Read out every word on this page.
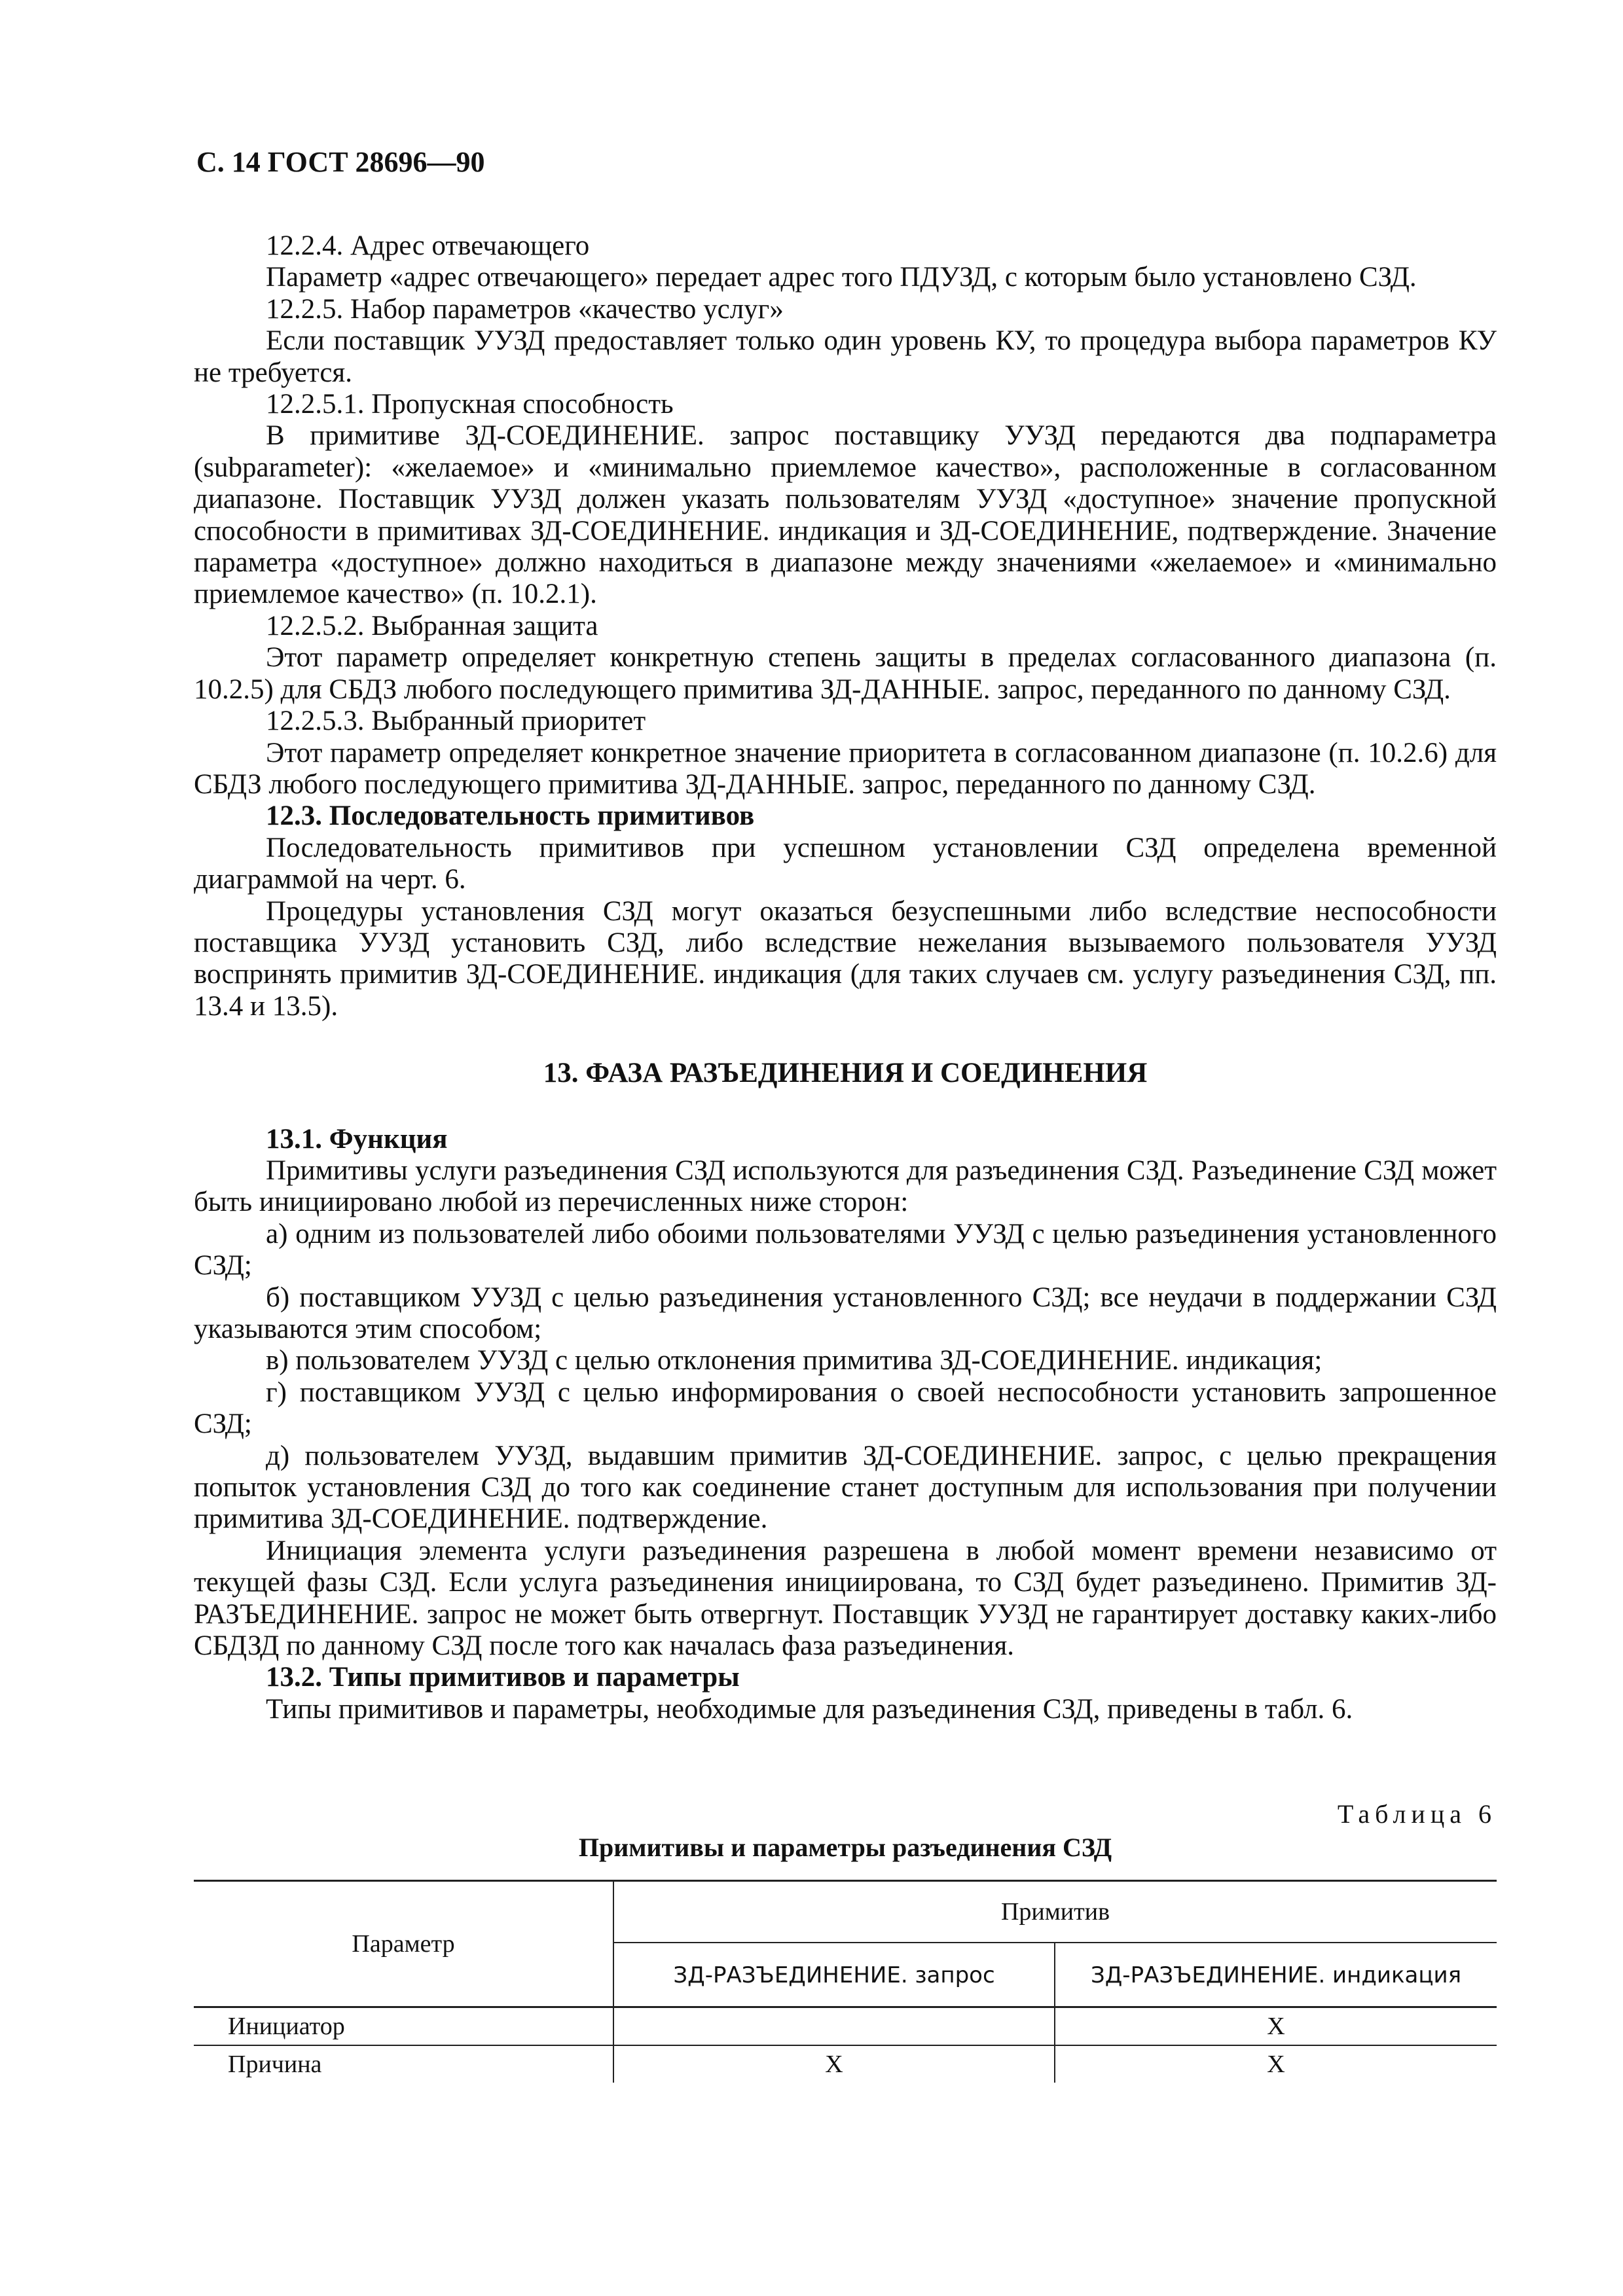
С. 14 ГОСТ 28696—90

12.2.4. Адрес отвечающего

Параметр «адрес отвечающего» передает адрес того ПДУЗД, с которым было установлено СЗД.

12.2.5. Набор параметров «качество услуг»

Если поставщик УУЗД предоставляет только один уровень КУ, то процедура выбора параметров КУ не требуется.

12.2.5.1. Пропускная способность

В примитиве ЗД-СОЕДИНЕНИЕ. запрос поставщику УУЗД передаются два подпараметра (subparameter): «желаемое» и «минимально приемлемое качество», расположенные в согласованном диапазоне. Поставщик УУЗД должен указать пользователям УУЗД «доступное» значение пропускной способности в примитивах ЗД-СОЕДИНЕНИЕ. индикация и ЗД-СОЕДИНЕНИЕ, подтверждение. Значение параметра «доступное» должно находиться в диапазоне между значениями «желаемое» и «минимально приемлемое качество» (п. 10.2.1).

12.2.5.2. Выбранная защита

Этот параметр определяет конкретную степень защиты в пределах согласованного диапазона (п. 10.2.5) для СБДЗ любого последующего примитива ЗД-ДАННЫЕ. запрос, переданного по данному СЗД.

12.2.5.3. Выбранный приоритет

Этот параметр определяет конкретное значение приоритета в согласованном диапазоне (п. 10.2.6) для СБДЗ любого последующего примитива ЗД-ДАННЫЕ. запрос, переданного по данному СЗД.

12.3. Последовательность примитивов

Последовательность примитивов при успешном установлении СЗД определена временной диаграммой на черт. 6.

Процедуры установления СЗД могут оказаться безуспешными либо вследствие неспособности поставщика УУЗД установить СЗД, либо вследствие нежелания вызываемого пользователя УУЗД воспринять примитив ЗД-СОЕДИНЕНИЕ. индикация (для таких случаев см. услугу разъединения СЗД, пп. 13.4 и 13.5).

13. ФАЗА РАЗЪЕДИНЕНИЯ И СОЕДИНЕНИЯ

13.1. Функция

Примитивы услуги разъединения СЗД используются для разъединения СЗД. Разъединение СЗД может быть инициировано любой из перечисленных ниже сторон:

а) одним из пользователей либо обоими пользователями УУЗД с целью разъединения установленного СЗД;

б) поставщиком УУЗД с целью разъединения установленного СЗД; все неудачи в поддержании СЗД указываются этим способом;

в) пользователем УУЗД с целью отклонения примитива ЗД-СОЕДИНЕНИЕ. индикация;

г) поставщиком УУЗД с целью информирования о своей неспособности установить запрошенное СЗД;

д) пользователем УУЗД, выдавшим примитив ЗД-СОЕДИНЕНИЕ. запрос, с целью прекращения попыток установления СЗД до того как соединение станет доступным для использования при получении примитива ЗД-СОЕДИНЕНИЕ. подтверждение.

Инициация элемента услуги разъединения разрешена в любой момент времени независимо от текущей фазы СЗД. Если услуга разъединения инициирована, то СЗД будет разъединено. Примитив ЗД-РАЗЪЕДИНЕНИЕ. запрос не может быть отвергнут. Поставщик УУЗД не гарантирует доставку каких-либо СБДЗД по данному СЗД после того как началась фаза разъединения.

13.2. Типы примитивов и параметры

Типы примитивов и параметры, необходимые для разъединения СЗД, приведены в табл. 6.

Таблица 6
Примитивы и параметры разъединения СЗД
Параметр	Примитив	
	ЗД-РАЗЪЕДИНЕНИЕ. запрос	ЗД-РАЗЪЕДИНЕНИЕ. индикация
Инициатор		X
Причина	X	X
